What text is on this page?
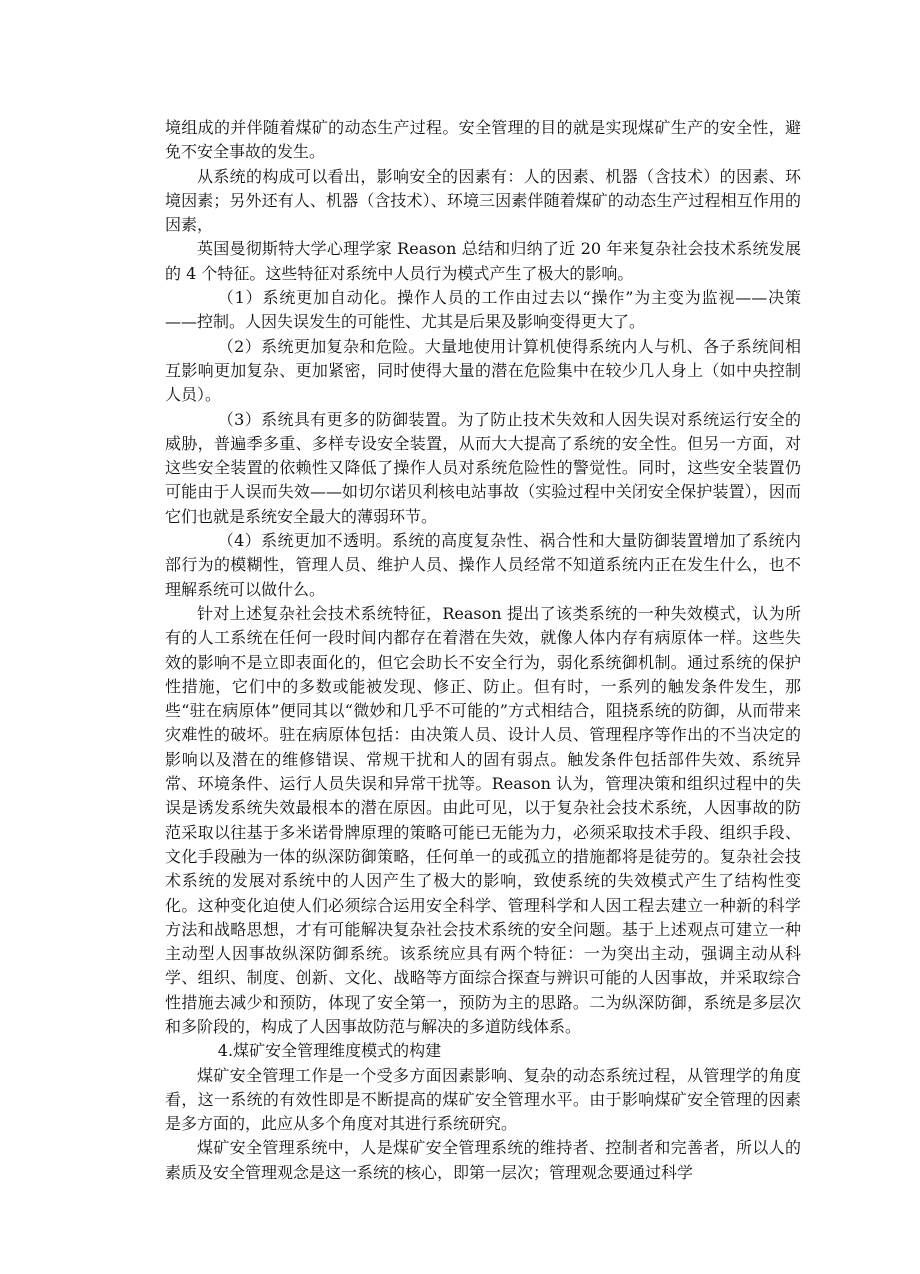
境组成的并伴随着煤矿的动态生产过程。安全管理的目的就是实现煤矿生产的安全性，避免不安全事故的发生。

从系统的构成可以看出，影响安全的因素有：人的因素、机器（含技术）的因素、环境因素；另外还有人、机器（含技术）、环境三因素伴随着煤矿的动态生产过程相互作用的因素，

英国曼彻斯特大学心理学家 Reason 总结和归纳了近 20 年来复杂社会技术系统发展的 4 个特征。这些特征对系统中人员行为模式产生了极大的影响。

（1）系统更加自动化。操作人员的工作由过去以“操作”为主变为监视——决策——控制。人因失误发生的可能性、尤其是后果及影响变得更大了。

（2）系统更加复杂和危险。大量地使用计算机使得系统内人与机、各子系统间相互影响更加复杂、更加紧密，同时使得大量的潜在危险集中在较少几人身上（如中央控制人员）。

（3）系统具有更多的防御装置。为了防止技术失效和人因失误对系统运行安全的威胁，普遍季多重、多样专设安全装置，从而大大提高了系统的安全性。但另一方面，对这些安全装置的依赖性又降低了操作人员对系统危险性的警觉性。同时，这些安全装置仍可能由于人误而失效——如切尔诺贝利核电站事故（实验过程中关闭安全保护装置），因而它们也就是系统安全最大的薄弱环节。

（4）系统更加不透明。系统的高度复杂性、祸合性和大量防御装置增加了系统内部行为的模糊性，管理人员、维护人员、操作人员经常不知道系统内正在发生什么，也不理解系统可以做什么。

针对上述复杂社会技术系统特征，Reason 提出了该类系统的一种失效模式，认为所有的人工系统在任何一段时间内都存在着潜在失效，就像人体内存有病原体一样。这些失效的影响不是立即表面化的，但它会助长不安全行为，弱化系统御机制。通过系统的保护性措施，它们中的多数或能被发现、修正、防止。但有时，一系列的触发条件发生，那些“驻在病原体”便同其以“微妙和几乎不可能的”方式相结合，阻挠系统的防御，从而带来灾难性的破坏。驻在病原体包括：由决策人员、设计人员、管理程序等作出的不当决定的影响以及潜在的维修错误、常规干扰和人的固有弱点。触发条件包括部件失效、系统异常、环境条件、运行人员失误和异常干扰等。Reason 认为，管理决策和组织过程中的失误是诱发系统失效最根本的潜在原因。由此可见，以于复杂社会技术系统，人因事故的防范采取以往基于多米诺骨牌原理的策略可能已无能为力，必须采取技术手段、组织手段、文化手段融为一体的纵深防御策略，任何单一的或孤立的措施都将是徒劳的。复杂社会技术系统的发展对系统中的人因产生了极大的影响，致使系统的失效模式产生了结构性变化。这种变化迫使人们必须综合运用安全科学、管理科学和人因工程去建立一种新的科学方法和战略思想，才有可能解决复杂社会技术系统的安全问题。基于上述观点可建立一种主动型人因事故纵深防御系统。该系统应具有两个特征：一为突出主动，强调主动从科学、组织、制度、创新、文化、战略等方面综合探查与辨识可能的人因事故，并采取综合性措施去减少和预防，体现了安全第一，预防为主的思路。二为纵深防御，系统是多层次和多阶段的，构成了人因事故防范与解决的多道防线体系。

4.煤矿安全管理维度模式的构建

煤矿安全管理工作是一个受多方面因素影响、复杂的动态系统过程，从管理学的角度看，这一系统的有效性即是不断提高的煤矿安全管理水平。由于影响煤矿安全管理的因素是多方面的，此应从多个角度对其进行系统研究。

煤矿安全管理系统中，人是煤矿安全管理系统的维持者、控制者和完善者，所以人的素质及安全管理观念是这一系统的核心，即第一层次；管理观念要通过科学
